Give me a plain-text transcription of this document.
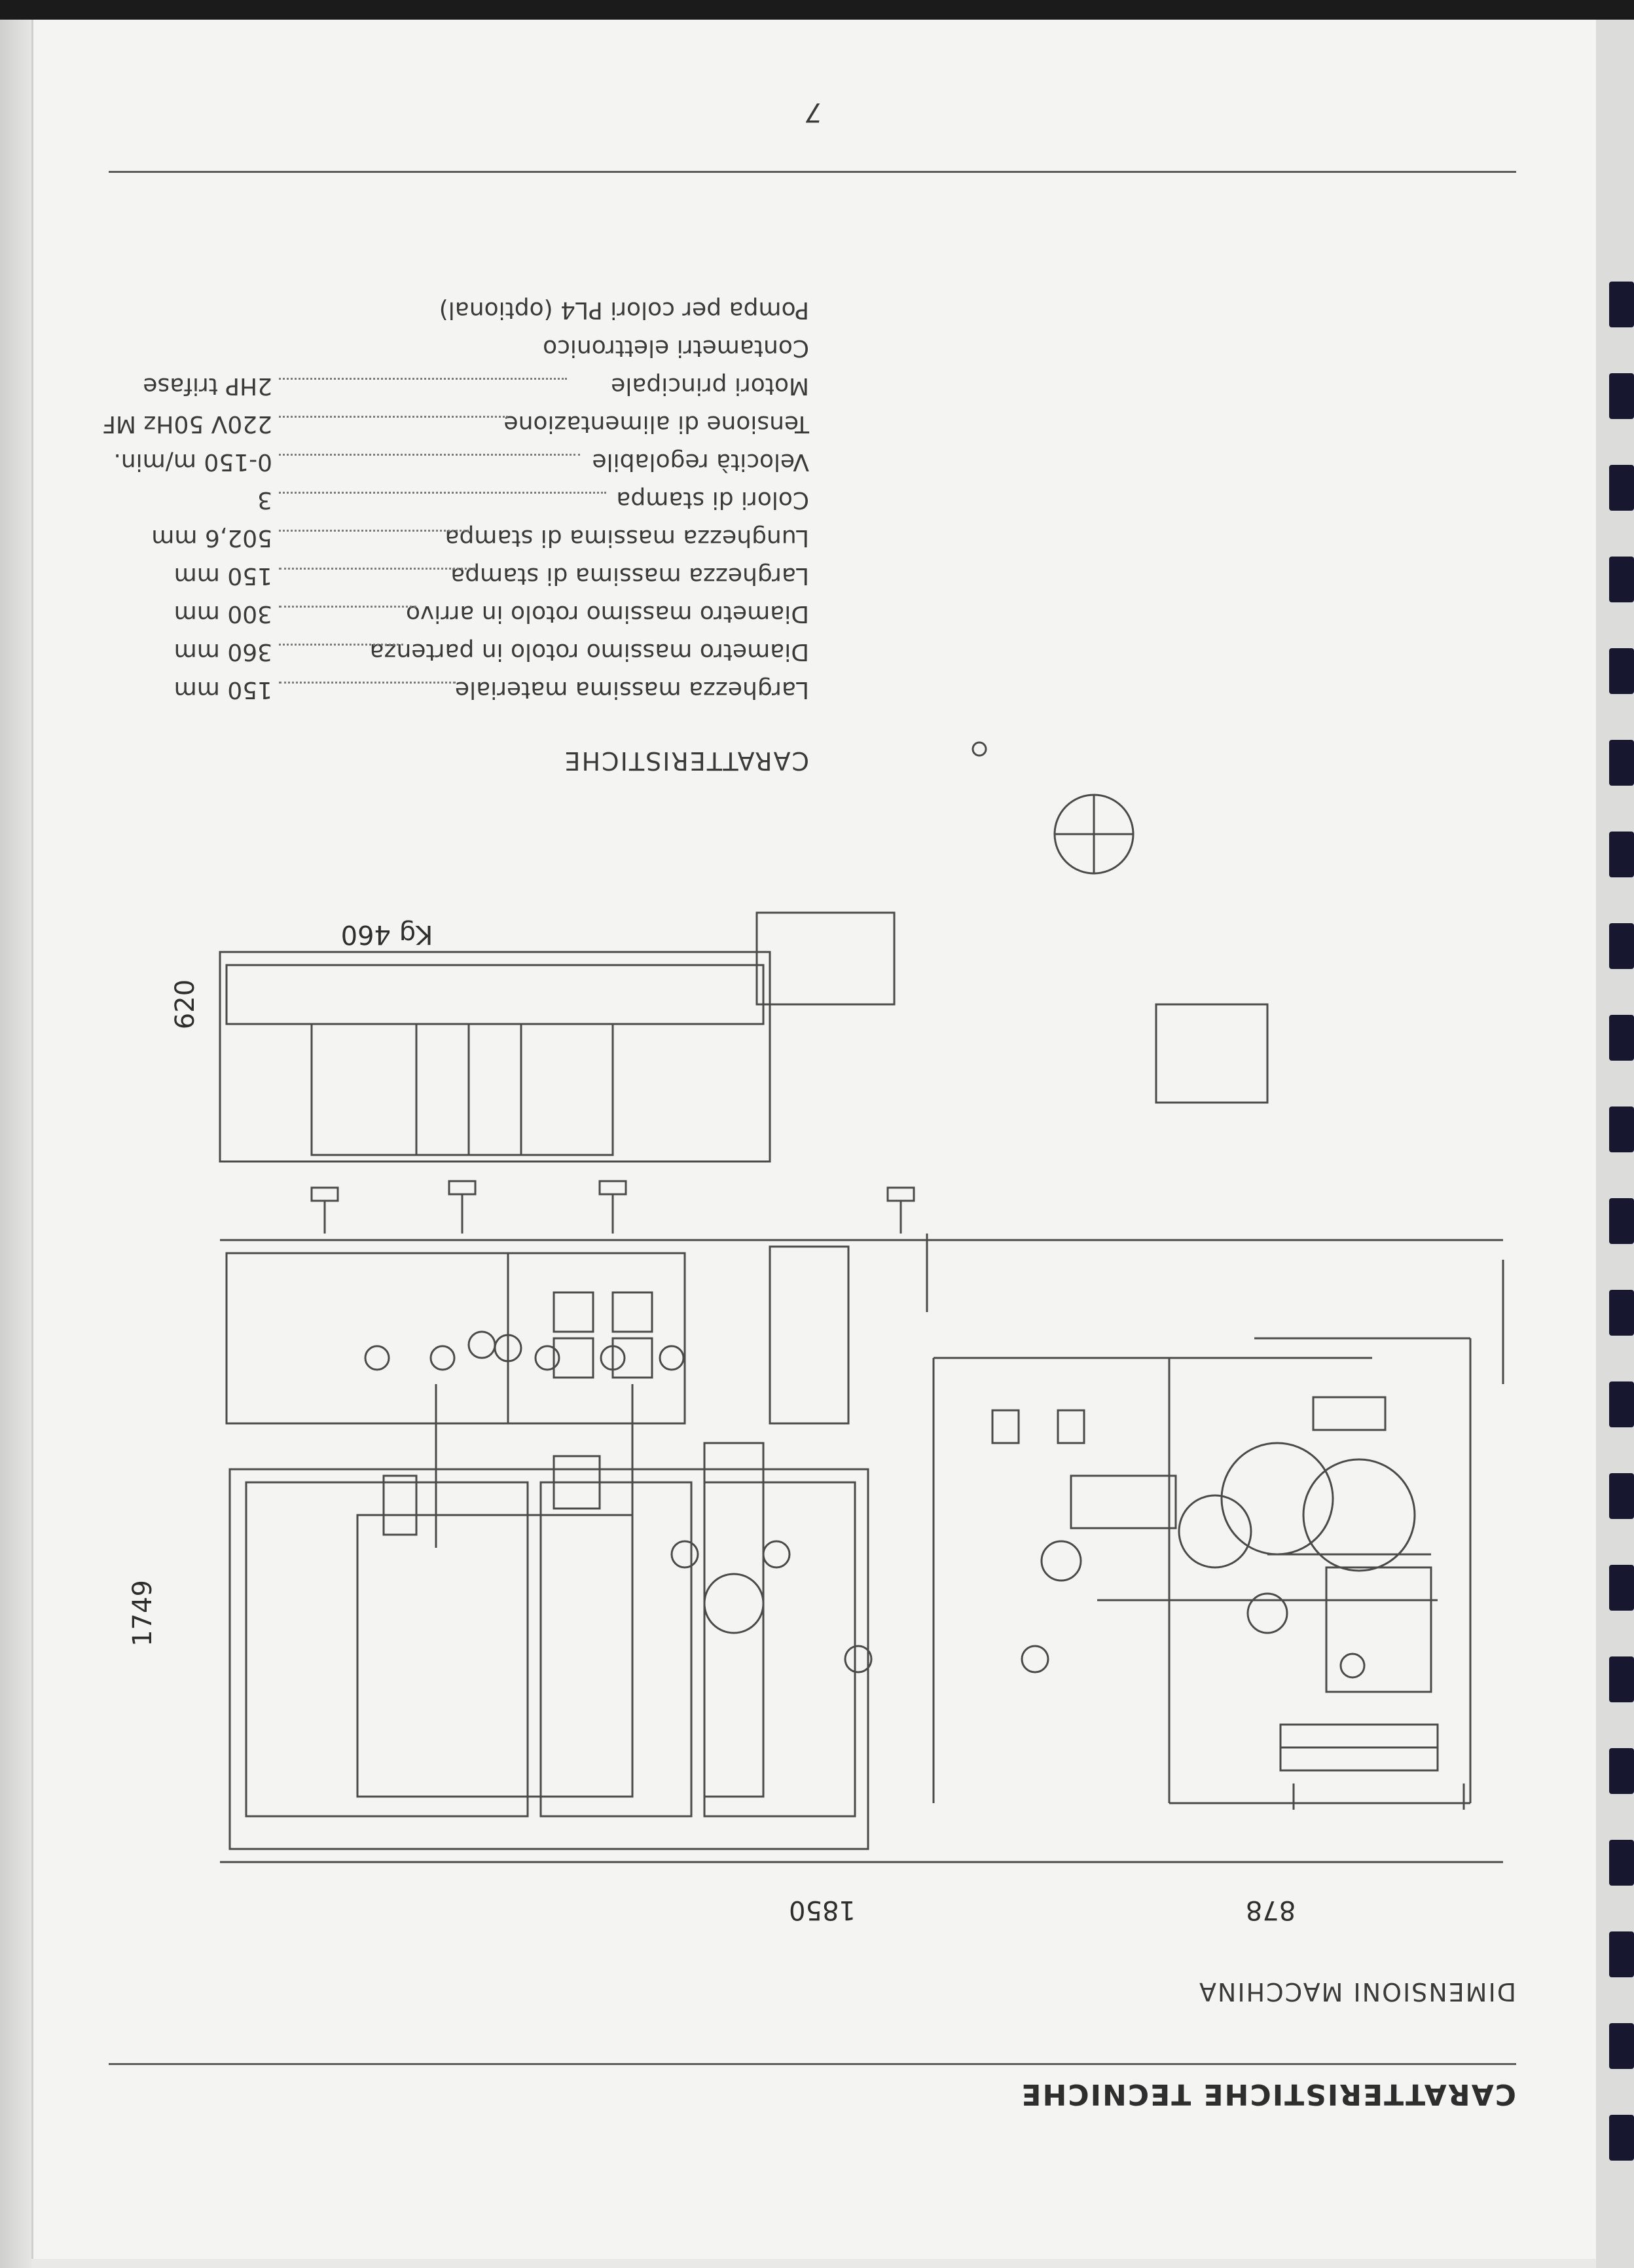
CARATTERISTICHE TECNICHE
DIMENSIONI MACCHINA
878
1850
1749
620
Kg 460
CARATTERISTICHE
Larghezza massima materiale
150 mm
Diametro massimo rotolo in partenza
360 mm
Diametro massimo rotolo in arrivo
300 mm
Larghezza massima di stampa
150 mm
Lunghezza massima di stampa
502,6 mm
Colori di stampa
3
Velocità regolabile
0-150 m/min.
Tensione di alimentazione
220V 50Hz MF
Motori principale
2HP trifase
Contametri elettronico
Pompa per colori PL4 (optional)
7
